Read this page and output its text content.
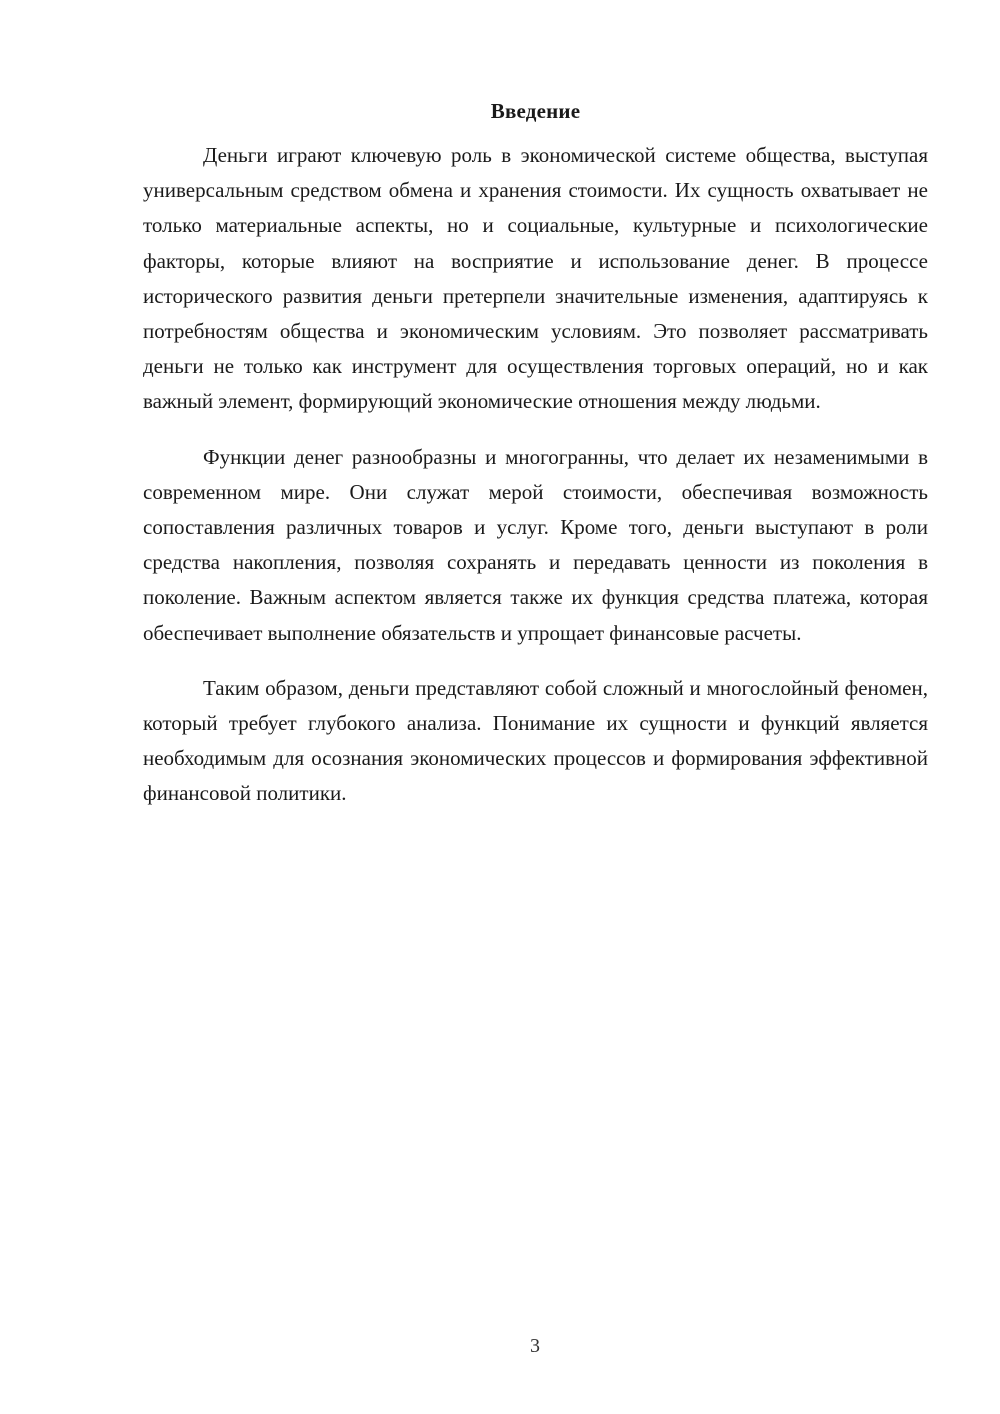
Введение

Деньги играют ключевую роль в экономической системе общества, выступая универсальным средством обмена и хранения стоимости. Их сущность охватывает не только материальные аспекты, но и социальные, культурные и психологические факторы, которые влияют на восприятие и использование денег. В процессе исторического развития деньги претерпели значительные изменения, адаптируясь к потребностям общества и экономическим условиям. Это позволяет рассматривать деньги не только как инструмент для осуществления торговых операций, но и как важный элемент, формирующий экономические отношения между людьми.

Функции денег разнообразны и многогранны, что делает их незаменимыми в современном мире. Они служат мерой стоимости, обеспечивая возможность сопоставления различных товаров и услуг. Кроме того, деньги выступают в роли средства накопления, позволяя сохранять и передавать ценности из поколения в поколение. Важным аспектом является также их функция средства платежа, которая обеспечивает выполнение обязательств и упрощает финансовые расчеты.

Таким образом, деньги представляют собой сложный и многослойный феномен, который требует глубокого анализа. Понимание их сущности и функций является необходимым для осознания экономических процессов и формирования эффективной финансовой политики.

3
